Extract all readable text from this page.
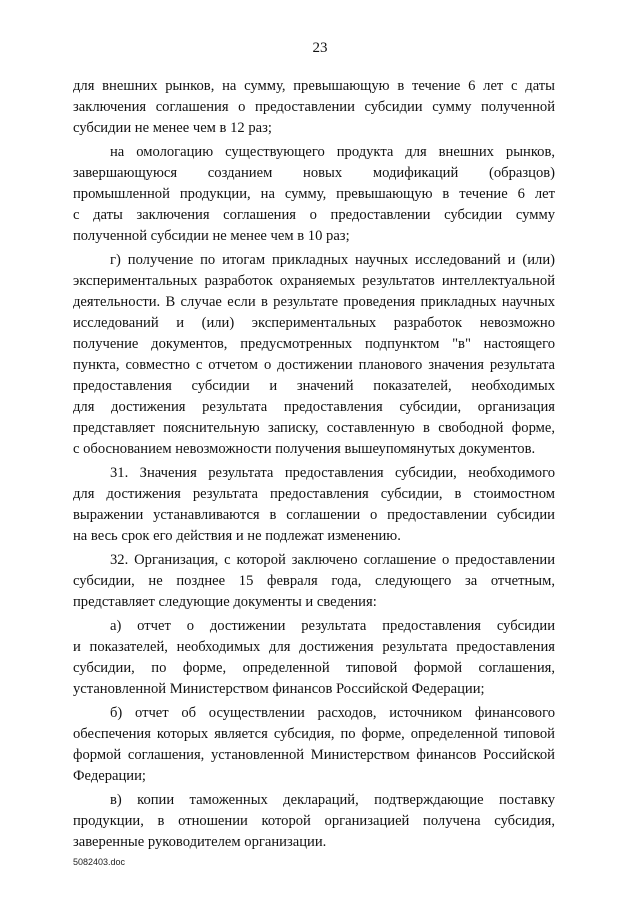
23
для внешних рынков, на сумму, превышающую в течение 6 лет с даты
заключения соглашения о предоставлении субсидии сумму полученной
субсидии не менее чем в 12 раз;
на омологацию существующего продукта для внешних рынков,
завершающуюся созданием новых модификаций (образцов)
промышленной продукции, на сумму, превышающую в течение 6 лет
с даты заключения соглашения о предоставлении субсидии сумму
полученной субсидии не менее чем в 10 раз;
г) получение по итогам прикладных научных исследований и (или)
экспериментальных разработок охраняемых результатов интеллектуальной
деятельности. В случае если в результате проведения прикладных научных
исследований и (или) экспериментальных разработок невозможно
получение документов, предусмотренных подпунктом "в" настоящего
пункта, совместно с отчетом о достижении планового значения результата
предоставления субсидии и значений показателей, необходимых
для достижения результата предоставления субсидии, организация
представляет пояснительную записку, составленную в свободной форме,
с обоснованием невозможности получения вышеупомянутых документов.
31. Значения результата предоставления субсидии, необходимого
для достижения результата предоставления субсидии, в стоимостном
выражении устанавливаются в соглашении о предоставлении субсидии
на весь срок его действия и не подлежат изменению.
32. Организация, с которой заключено соглашение о предоставлении
субсидии, не позднее 15 февраля года, следующего за отчетным,
представляет следующие документы и сведения:
а) отчет о достижении результата предоставления субсидии
и показателей, необходимых для достижения результата предоставления
субсидии, по форме, определенной типовой формой соглашения,
установленной Министерством финансов Российской Федерации;
б) отчет об осуществлении расходов, источником финансового
обеспечения которых является субсидия, по форме, определенной типовой
формой соглашения, установленной Министерством финансов Российской
Федерации;
в) копии таможенных деклараций, подтверждающие поставку
продукции, в отношении которой организацией получена субсидия,
заверенные руководителем организации.
5082403.doc
